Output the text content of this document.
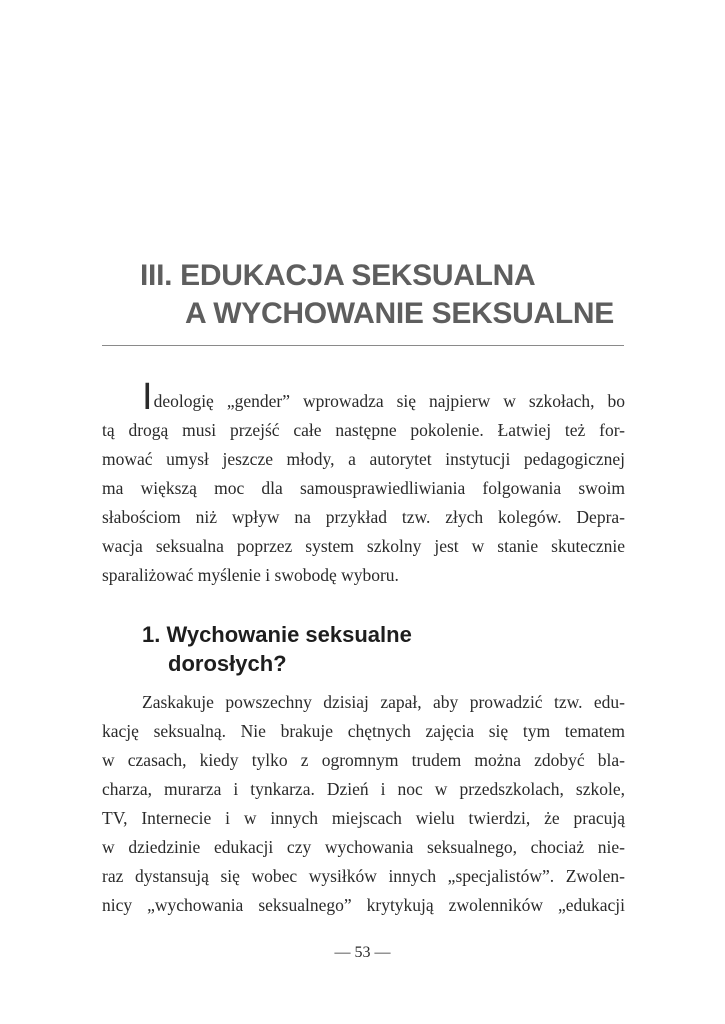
III. EDUKACJA SEKSUALNA
A WYCHOWANIE SEKSUALNE
Ideologię „gender” wprowadza się najpierw w szkołach, bo
tą drogą musi przejść całe następne pokolenie. Łatwiej też for-
mować umysł jeszcze młody, a autorytet instytucji pedagogicznej
ma większą moc dla samousprawiedliwiania folgowania swoim
słabościom niż wpływ na przykład tzw. złych kolegów. Depra-
wacja seksualna poprzez system szkolny jest w stanie skutecznie
sparaliżować myślenie i swobodę wyboru.
1. Wychowanie seksualne
dorosłych?
Zaskakuje powszechny dzisiaj zapał, aby prowadzić tzw. edu-
kację seksualną. Nie brakuje chętnych zajęcia się tym tematem
w czasach, kiedy tylko z ogromnym trudem można zdobyć bla-
charza, murarza i tynkarza. Dzień i noc w przedszkolach, szkole,
TV, Internecie i w innych miejscach wielu twierdzi, że pracują
w dziedzinie edukacji czy wychowania seksualnego, chociaż nie-
raz dystansują się wobec wysiłków innych „specjalistów”. Zwolen-
nicy „wychowania seksualnego” krytykują zwolenników „edukacji
— 53 —
